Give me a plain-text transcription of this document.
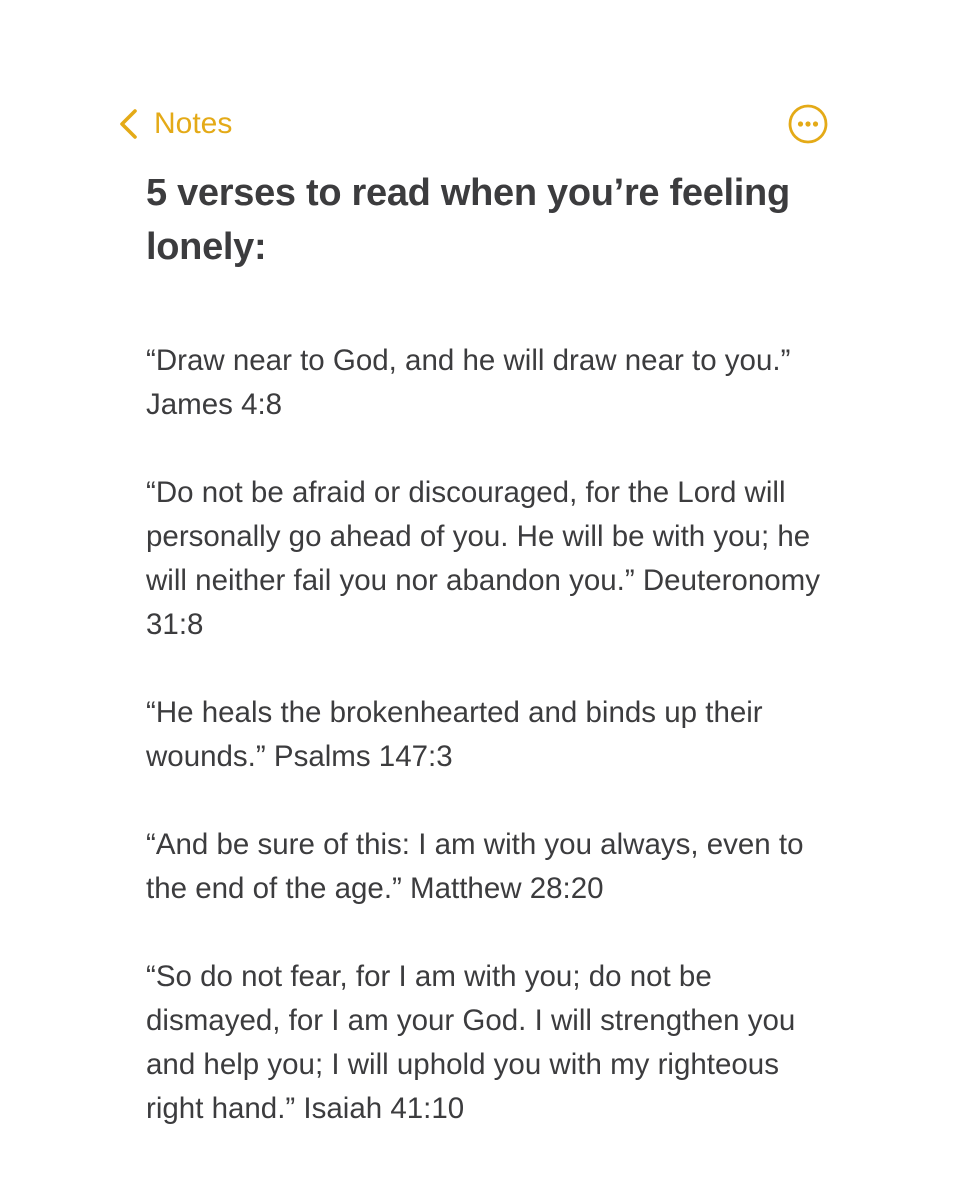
Notes
5 verses to read when you’re feeling lonely:

“Draw near to God, and he will draw near to you.” James 4:8

“Do not be afraid or discouraged, for the Lord will personally go ahead of you. He will be with you; he will neither fail you nor abandon you.” Deuteronomy 31:8

“He heals the brokenhearted and binds up their wounds.” Psalms 147:3

“And be sure of this: I am with you always, even to the end of the age.” Matthew 28:20

“So do not fear, for I am with you; do not be dismayed, for I am your God. I will strengthen you and help you; I will uphold you with my righteous right hand.” Isaiah 41:10
